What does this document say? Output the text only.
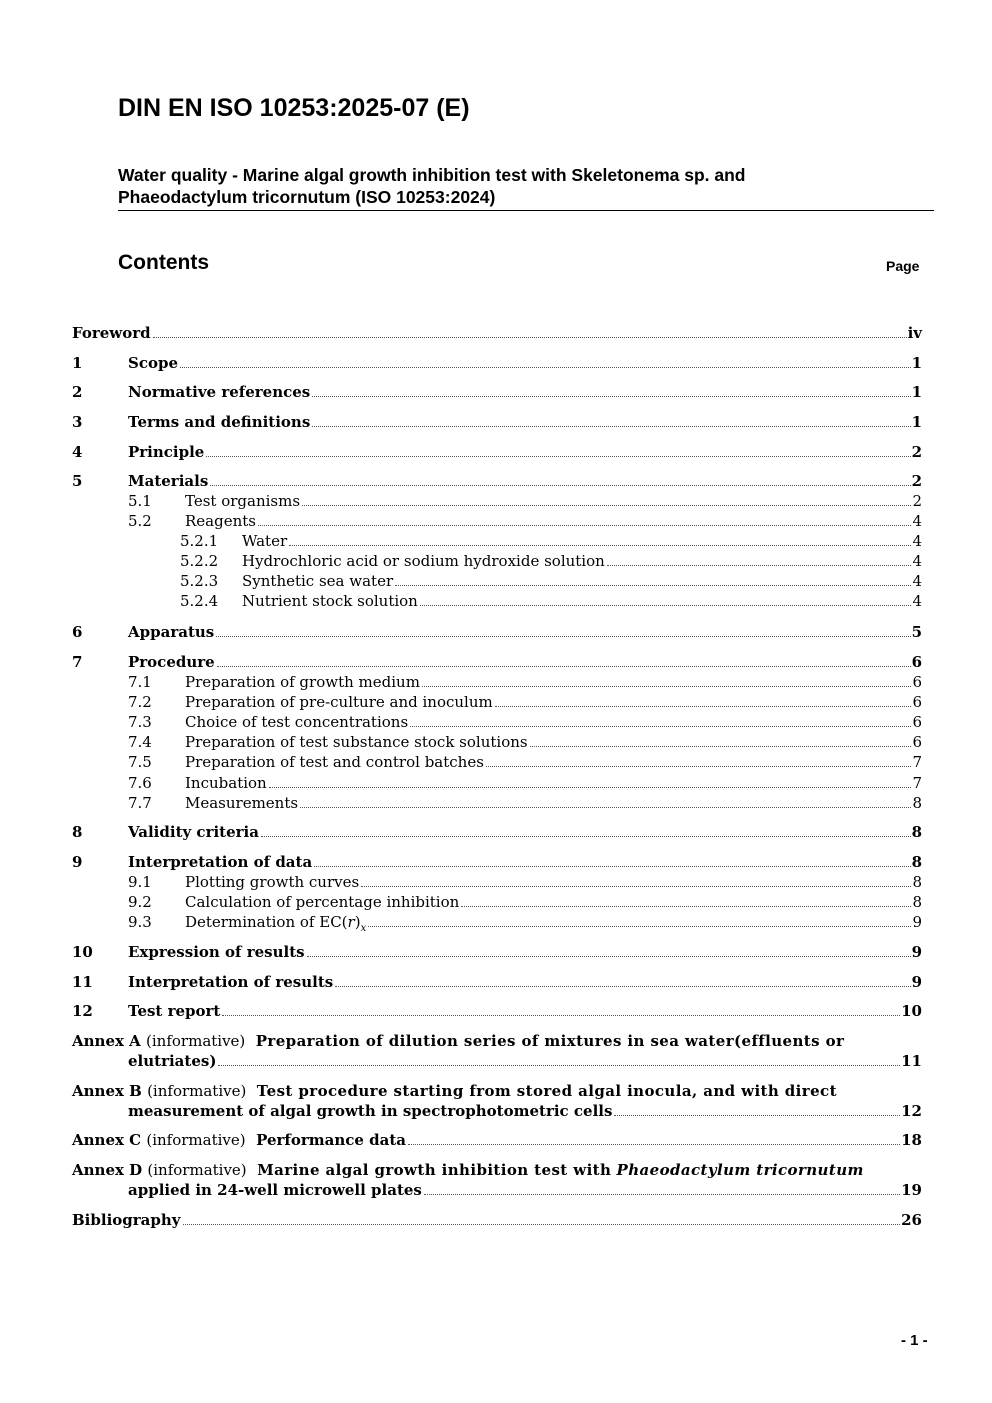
DIN EN ISO 10253:2025-07 (E)
Water quality - Marine algal growth inhibition test with Skeletonema sp. and
Phaeodactylum tricornutum (ISO 10253:2024)
Contents	Page
Foreword	iv
1	Scope	1
2	Normative references	1
3	Terms and definitions	1
4	Principle	2
5	Materials	2
5.1	Test organisms	2
5.2	Reagents	4
5.2.1	Water	4
5.2.2	Hydrochloric acid or sodium hydroxide solution	4
5.2.3	Synthetic sea water	4
5.2.4	Nutrient stock solution	4
6	Apparatus	5
7	Procedure	6
7.1	Preparation of growth medium	6
7.2	Preparation of pre-culture and inoculum	6
7.3	Choice of test concentrations	6
7.4	Preparation of test substance stock solutions	6
7.5	Preparation of test and control batches	7
7.6	Incubation	7
7.7	Measurements	8
8	Validity criteria	8
9	Interpretation of data	8
9.1	Plotting growth curves	8
9.2	Calculation of percentage inhibition	8
9.3	Determination of $EC(r)_x$	9
10	Expression of results	9
11	Interpretation of results	9
12	Test report	10
Annex A
(informative)
Preparation of dilution series of mixtures in sea water(effluents or
elutriates)	11
Annex B
(informative)
Test procedure starting from stored algal inocula, and with direct
measurement of algal growth in spectrophotometric cells	12
Annex C
(informative)
Performance data	18
Annex D
(informative)
Marine algal growth inhibition test with
Phaeodactylum tricornutum
applied in 24-well microwell plates	19
Bibliography	26
- 1 -
